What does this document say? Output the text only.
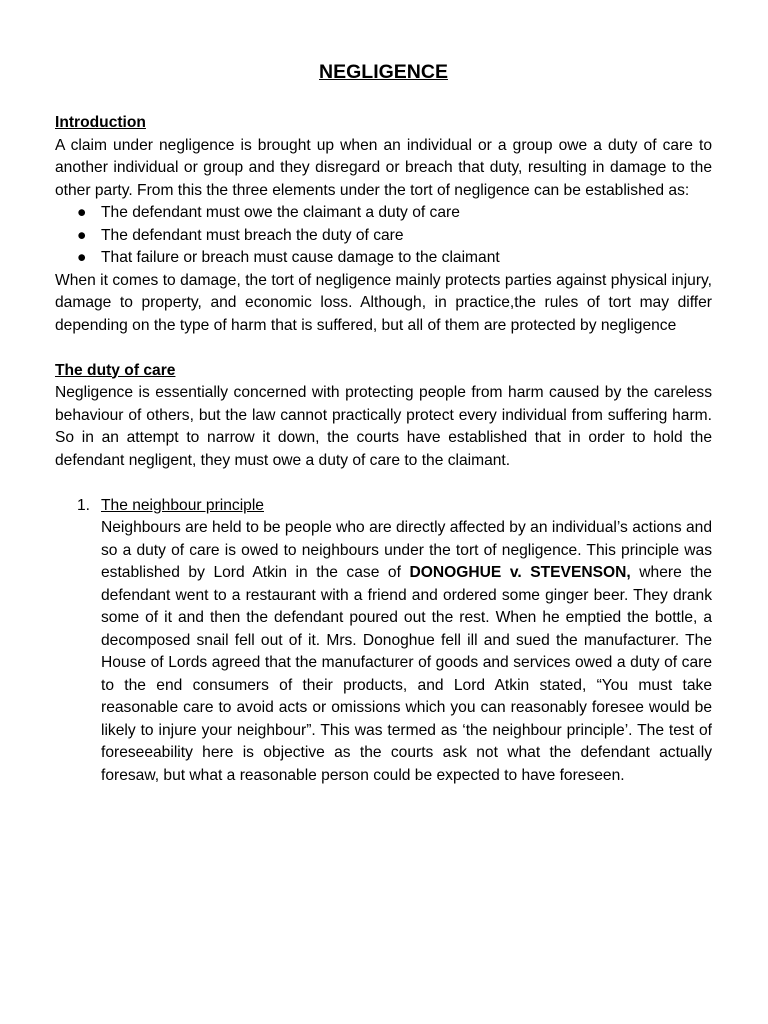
NEGLIGENCE
Introduction

A claim under negligence is brought up when an individual or a group owe a duty of care to another individual or group and they disregard or breach that duty, resulting in damage to the other party. From this the three elements under the tort of negligence can be established as:

● The defendant must owe the claimant a duty of care
● The defendant must breach the duty of care
● That failure or breach must cause damage to the claimant

When it comes to damage, the tort of negligence mainly protects parties against physical injury, damage to property, and economic loss. Although, in practice,the rules of tort may differ depending on the type of harm that is suffered, but all of them are protected by negligence

The duty of care

Negligence is essentially concerned with protecting people from harm caused by the careless behaviour of others, but the law cannot practically protect every individual from suffering harm. So in an attempt to narrow it down, the courts have established that in order to hold the defendant negligent, they must owe a duty of care to the claimant.

1. The neighbour principle

Neighbours are held to be people who are directly affected by an individual’s actions and so a duty of care is owed to neighbours under the tort of negligence. This principle was established by Lord Atkin in the case of DONOGHUE v. STEVENSON, where the defendant went to a restaurant with a friend and ordered some ginger beer. They drank some of it and then the defendant poured out the rest. When he emptied the bottle, a decomposed snail fell out of it. Mrs. Donoghue fell ill and sued the manufacturer. The House of Lords agreed that the manufacturer of goods and services owed a duty of care to the end consumers of their products, and Lord Atkin stated, “You must take reasonable care to avoid acts or omissions which you can reasonably foresee would be likely to injure your neighbour”. This was termed as ‘the neighbour principle’. The test of foreseeability here is objective as the courts ask not what the defendant actually foresaw, but what a reasonable person could be expected to have foreseen.
